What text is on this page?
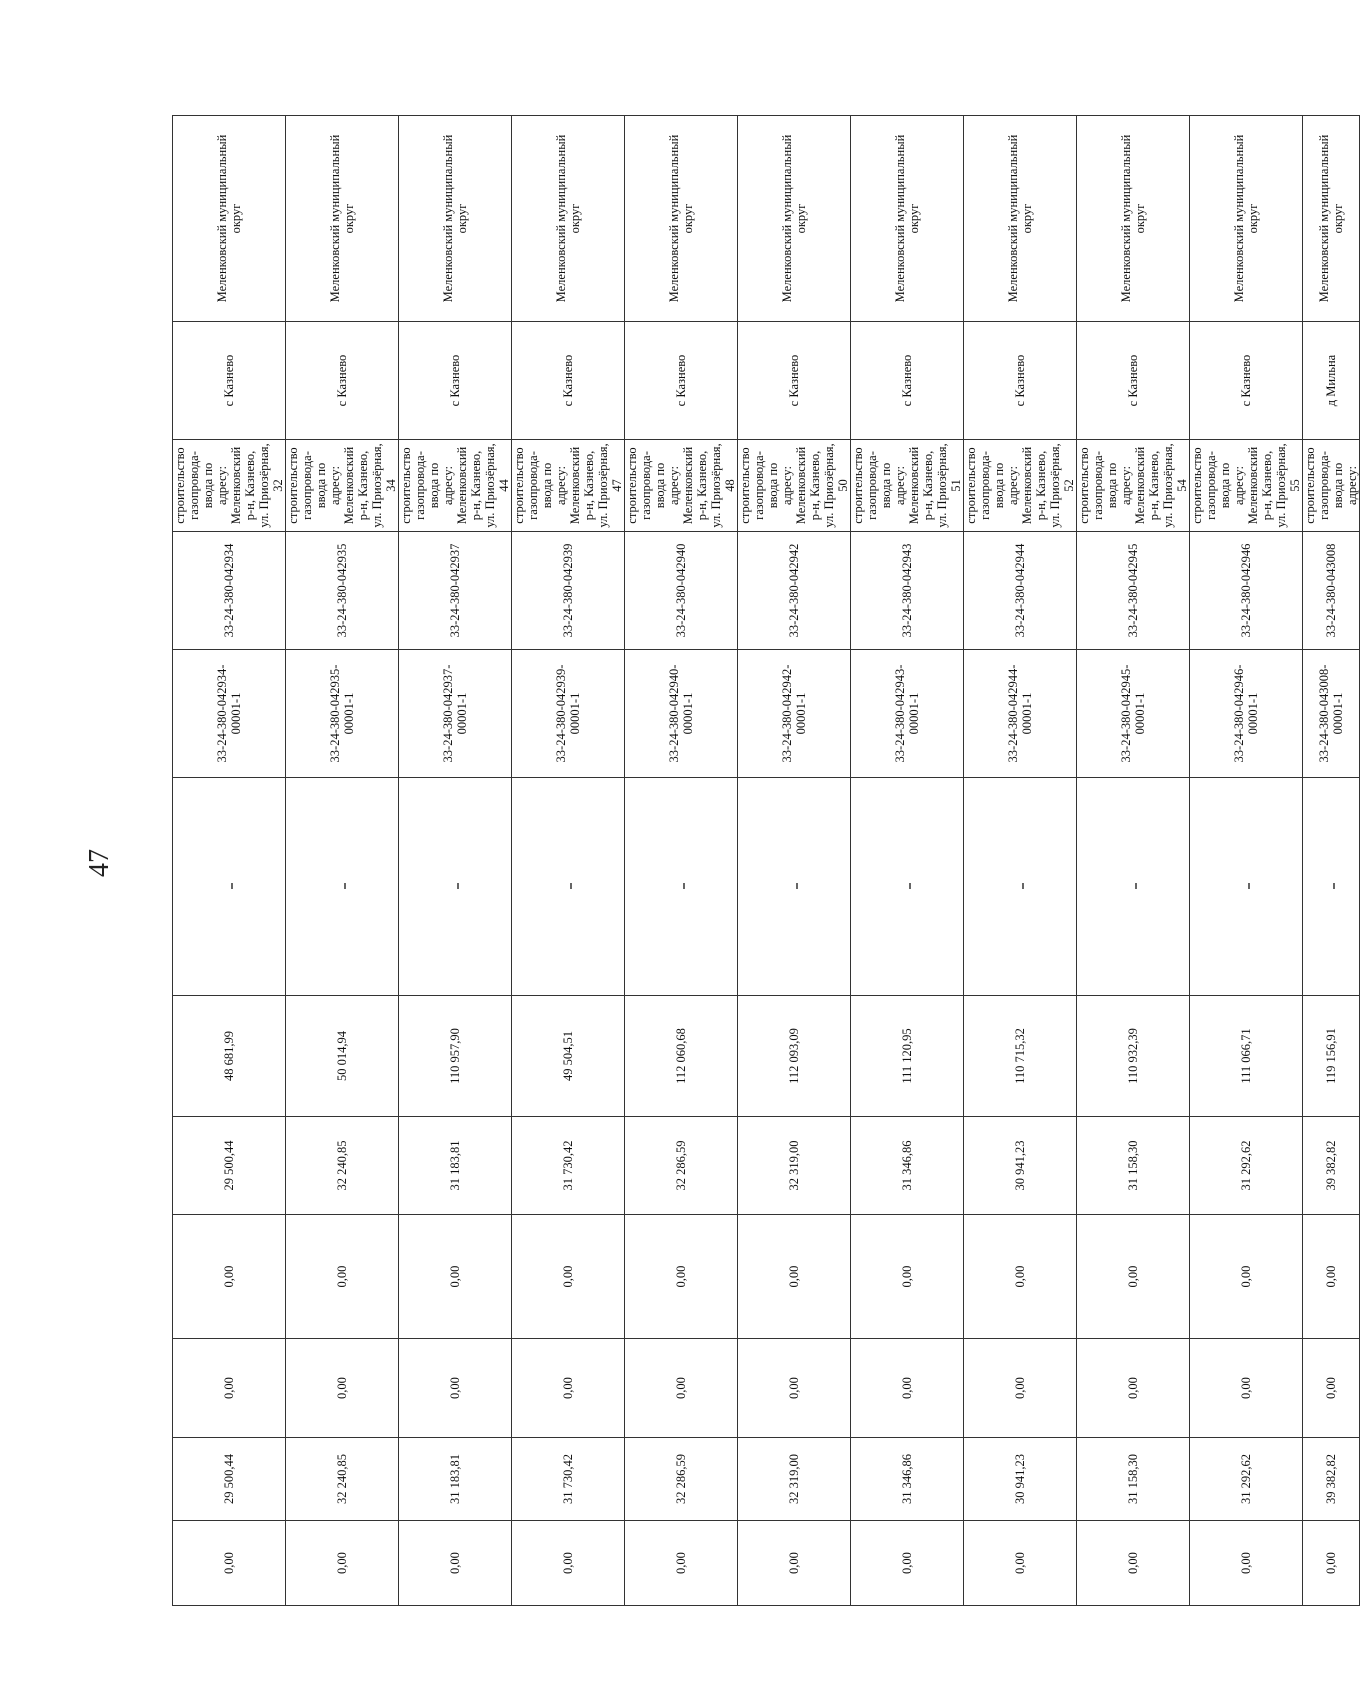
47
0,00	29 500,44	0,00	0,00	29 500,44	48 681,99		33-24-380-042934-00001-1	33-24-380-042934	строительство газопровода-ввода по адресу: Меленковский р-н, Казнево, ул. Приозёрная, 32	с Казнево	Меленковский муниципальный округ	
0,00	32 240,85	0,00	0,00	32 240,85	50 014,94		33-24-380-042935-00001-1	33-24-380-042935	строительство газопровода-ввода по адресу: Меленковский р-н, Казнево, ул. Приозёрная, 34	с Казнево	Меленковский муниципальный округ	
0,00	31 183,81	0,00	0,00	31 183,81	110 957,90		33-24-380-042937-00001-1	33-24-380-042937	строительство газопровода-ввода по адресу: Меленковский р-н, Казнево, ул. Приозёрная, 44	с Казнево	Меленковский муниципальный округ	
0,00	31 730,42	0,00	0,00	31 730,42	49 504,51		33-24-380-042939-00001-1	33-24-380-042939	строительство газопровода-ввода по адресу: Меленковский р-н, Казнево, ул. Приозёрная, 47	с Казнево	Меленковский муниципальный округ	
0,00	32 286,59	0,00	0,00	32 286,59	112 060,68		33-24-380-042940-00001-1	33-24-380-042940	строительство газопровода-ввода по адресу: Меленковский р-н, Казнево, ул. Приозёрная, 48	с Казнево	Меленковский муниципальный округ	
0,00	32 319,00	0,00	0,00	32 319,00	112 093,09		33-24-380-042942-00001-1	33-24-380-042942	строительство газопровода-ввода по адресу: Меленковский р-н, Казнево, ул. Приозёрная, 50	с Казнево	Меленковский муниципальный округ	
0,00	31 346,86	0,00	0,00	31 346,86	111 120,95		33-24-380-042943-00001-1	33-24-380-042943	строительство газопровода-ввода по адресу: Меленковский р-н, Казнево, ул. Приозёрная, 51	с Казнево	Меленковский муниципальный округ	
0,00	30 941,23	0,00	0,00	30 941,23	110 715,32		33-24-380-042944-00001-1	33-24-380-042944	строительство газопровода-ввода по адресу: Меленковский р-н, Казнево, ул. Приозёрная, 52	с Казнево	Меленковский муниципальный округ	
0,00	31 158,30	0,00	0,00	31 158,30	110 932,39		33-24-380-042945-00001-1	33-24-380-042945	строительство газопровода-ввода по адресу: Меленковский р-н, Казнево, ул. Приозёрная, 54	с Казнево	Меленковский муниципальный округ	
0,00	31 292,62	0,00	0,00	31 292,62	111 066,71		33-24-380-042946-00001-1	33-24-380-042946	строительство газопровода-ввода по адресу: Меленковский р-н, Казнево, ул. Приозёрная, 55	с Казнево	Меленковский муниципальный округ	
0,00	39 382,82	0,00	0,00	39 382,82	119 156,91		33-24-380-043008-00001-1	33-24-380-043008	строительство газопровода-ввода по адресу:	д Мильна	Меленковский муниципальный округ	
